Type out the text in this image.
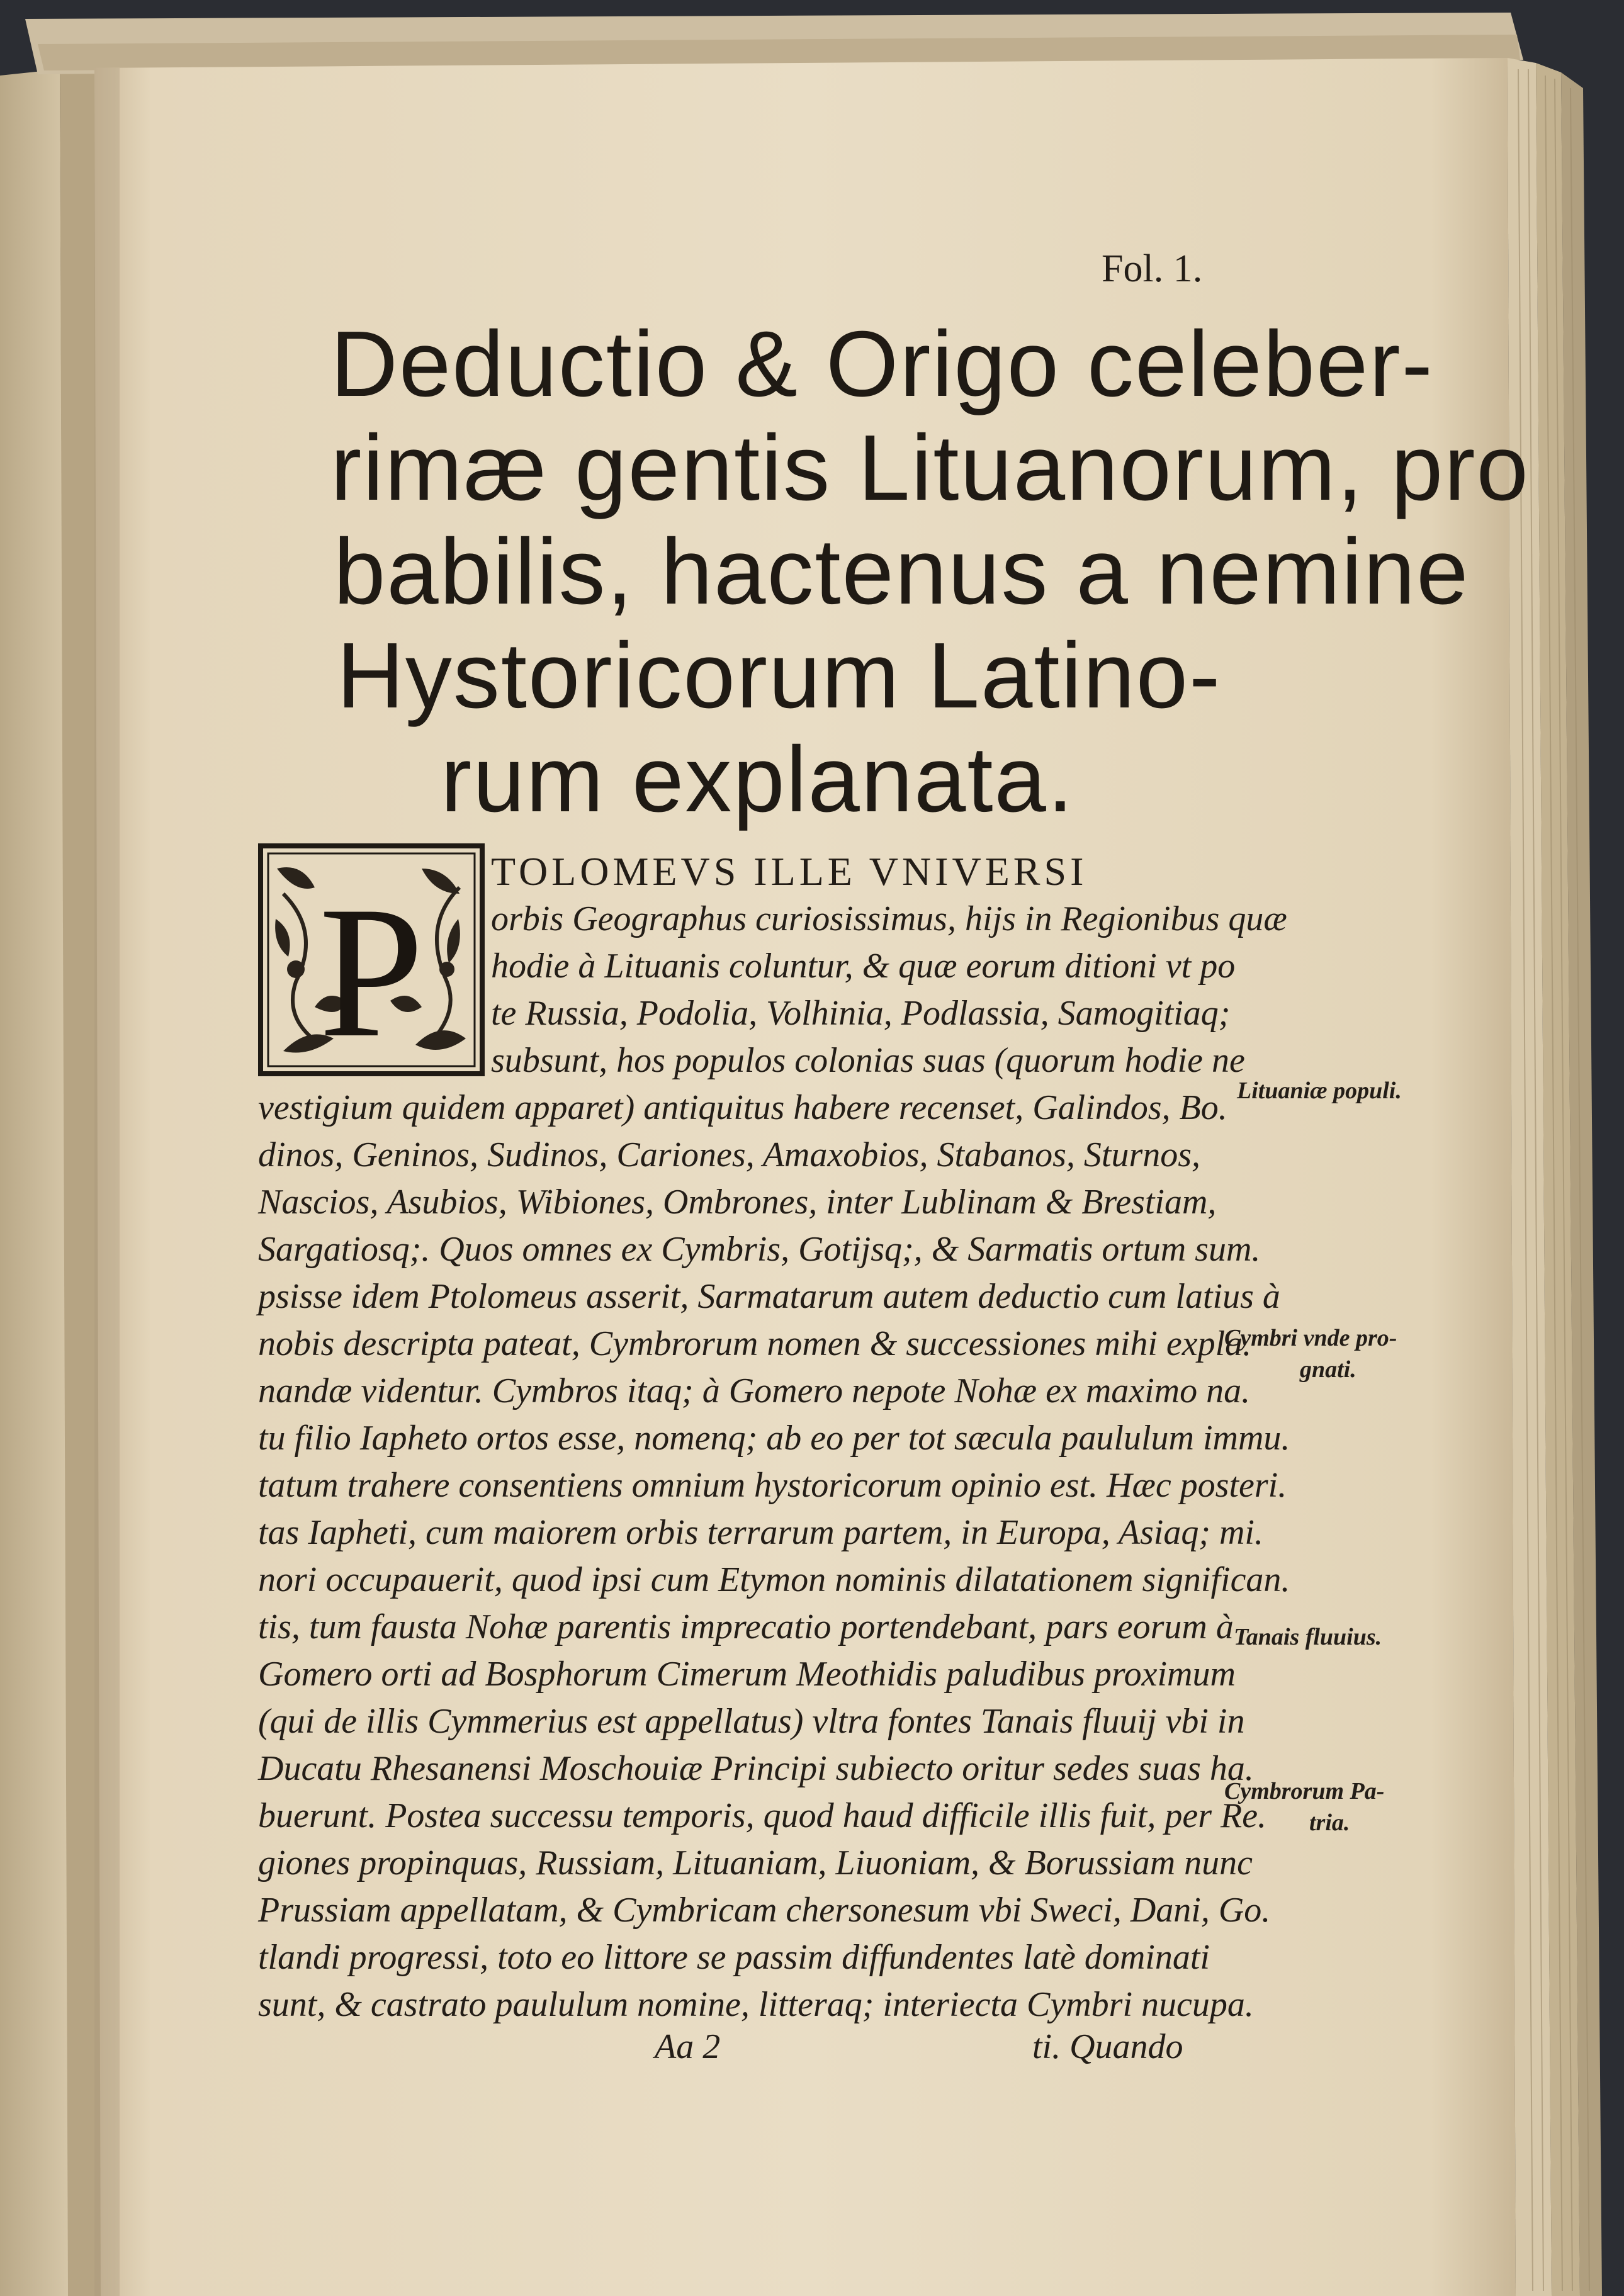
Fol. 1.
Deductio & Origo celeber-
rimæ gentis Lituanorum, pro
babilis, hactenus a nemine
Hystoricorum Latino-
rum explanata.
P TOLOMEVS ILLE VNIVERSI
orbis Geographus curiosissimus, hijs in Regionibus quæ
hodie à Lituanis coluntur, & quæ eorum ditioni vt po
te Russia, Podolia, Volhinia, Podlassia, Samogitiaq;
subsunt, hos populos colonias suas (quorum hodie ne
vestigium quidem apparet) antiquitus habere recenset, Galindos, Bo.
dinos, Geninos, Sudinos, Cariones, Amaxobios, Stabanos, Sturnos,
Nascios, Asubios, Wibiones, Ombrones, inter Lublinam & Brestiam,
Sargatiosq;. Quos omnes ex Cymbris, Gotijsq;, & Sarmatis ortum sum.
psisse idem Ptolomeus asserit, Sarmatarum autem deductio cum latius à
nobis descripta pateat, Cymbrorum nomen & successiones mihi expla.
nandæ videntur. Cymbros itaq; à Gomero nepote Nohæ ex maximo na.
tu filio Iapheto ortos esse, nomenq; ab eo per tot sæcula paululum immu.
tatum trahere consentiens omnium hystoricorum opinio est. Hæc posteri.
tas Iapheti, cum maiorem orbis terrarum partem, in Europa, Asiaq; mi.
nori occupauerit, quod ipsi cum Etymon nominis dilatationem significan.
tis, tum fausta Nohæ parentis imprecatio portendebant, pars eorum à
Gomero orti ad Bosphorum Cimerum Meothidis paludibus proximum
(qui de illis Cymmerius est appellatus) vltra fontes Tanais fluuij vbi in
Ducatu Rhesanensi Moschouiæ Principi subiecto oritur sedes suas ha.
buerunt. Postea successu temporis, quod haud difficile illis fuit, per Re.
giones propinquas, Russiam, Lituaniam, Liuoniam, & Borussiam nunc
Prussiam appellatam, & Cymbricam chersonesum vbi Sweci, Dani, Go.
tlandi progressi, toto eo littore se passim diffundentes latè dominati
sunt, & castrato paululum nomine, litteraq; interiecta Cymbri nucupa.
Lituaniæ populi.
Cymbri vnde pro-
gnati.
Tanais fluuius.
Cymbrorum Pa-
tria.
Aa 2	ti. Quando
